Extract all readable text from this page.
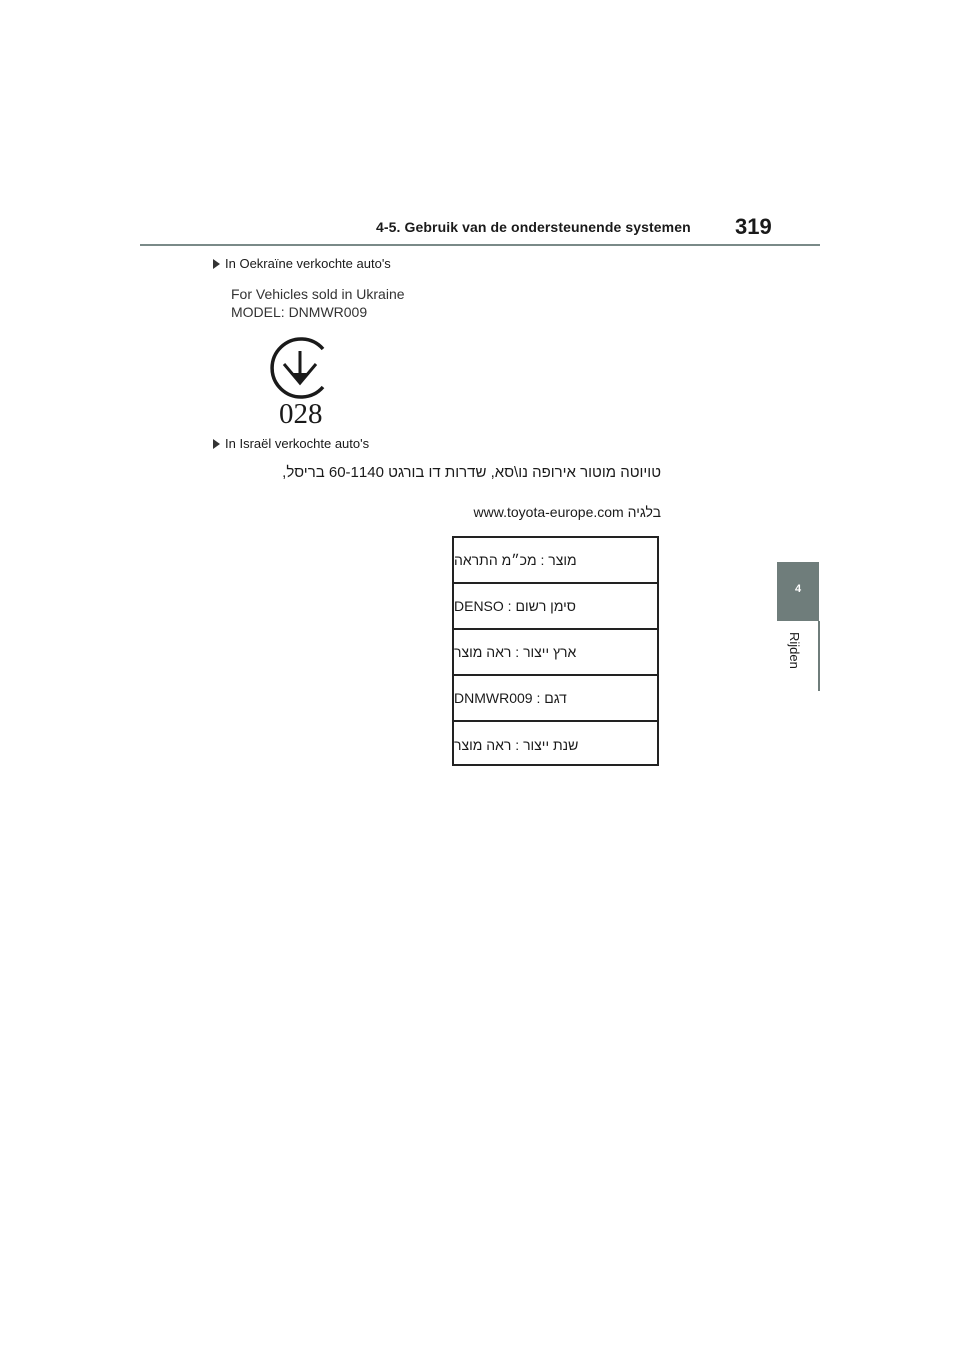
4-5. Gebruik van de ondersteunende systemen 319
4
Rijden
In Oekraïne verkochte auto's
For Vehicles sold in Ukraine
MODEL: DNMWR009
028
In Israël verkochte auto's
טויוטה מוטור אירופה נו\סא, שדרות דו בורגט 60-1140 בריסל,
www.toyota-europe.com בלגיה
מוצר : מכ״מ התראה
סימן רשום : DENSO
ארץ ייצור : ראה מוצר
דגם : DNMWR009
שנת ייצור : ראה מוצר
